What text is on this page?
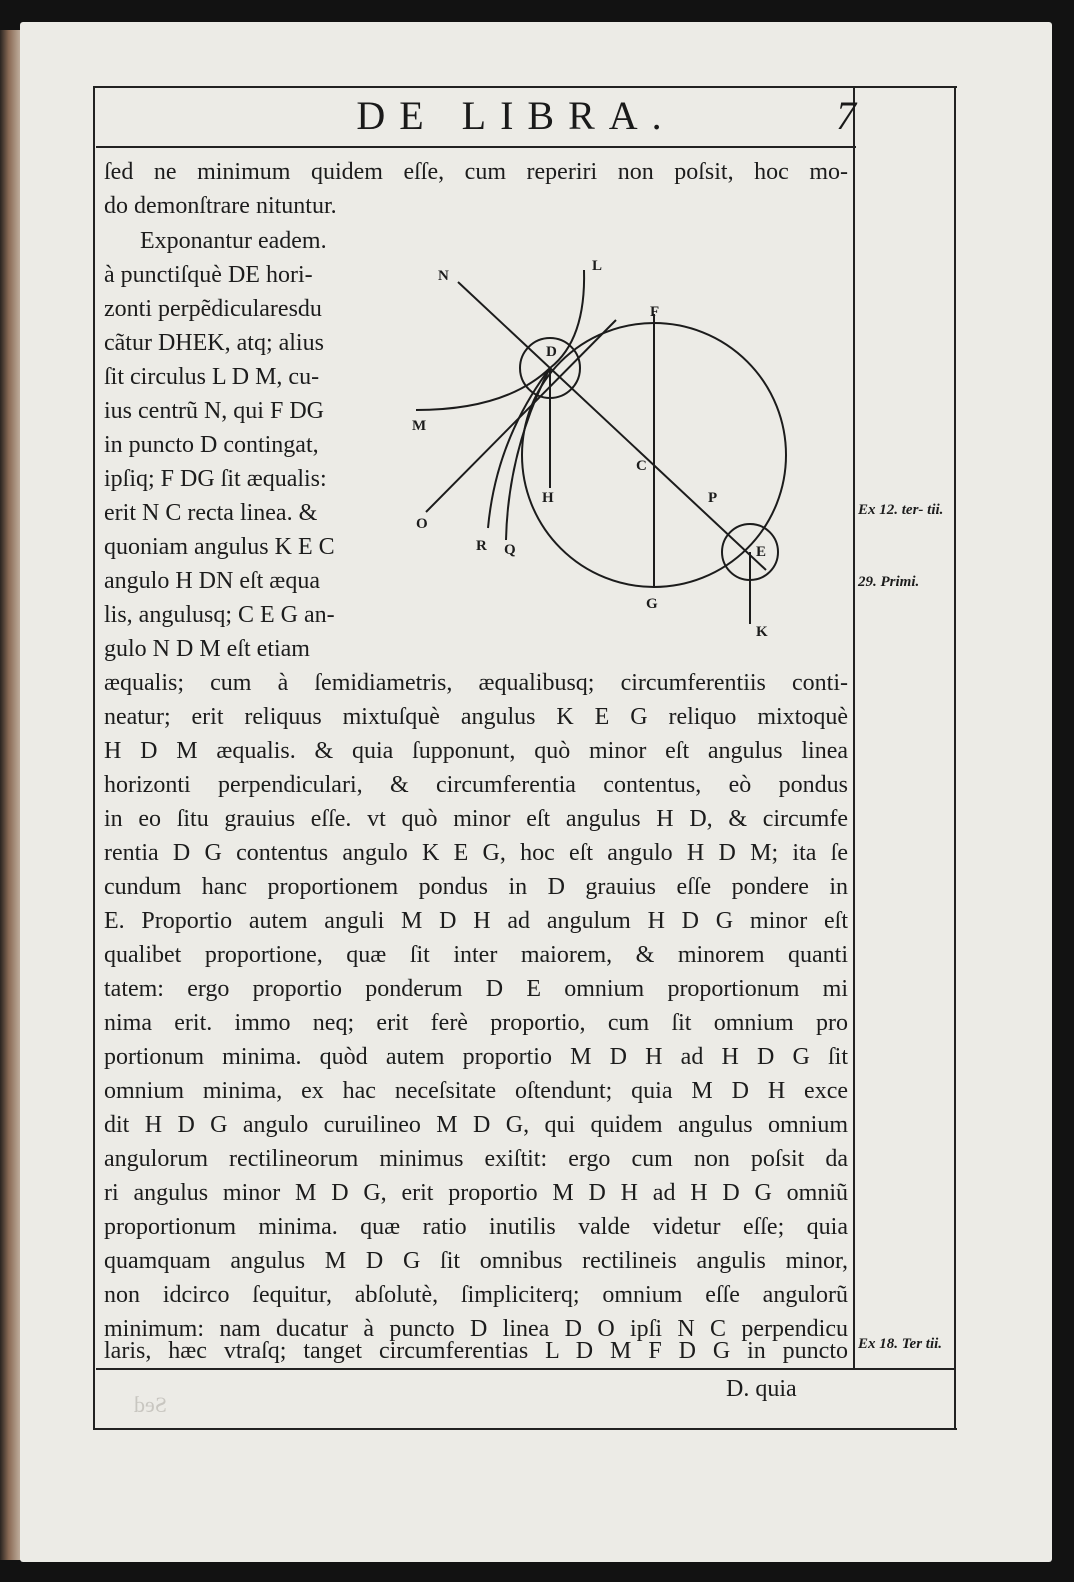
DE LIBRA.	7
ſed ne minimum quidem eſſe, cum reperiri non poſsit, hoc mo-
do demonſtrare nituntur.
Exponantur eadem.
à punctiſquè DE hori-
zonti perpẽdicularesdu
cãtur DHEK, atq; alius
ſit circulus L D M, cu-
ius centrũ N, qui F DG
in puncto D contingat,
ipſiq; F DG ſit æqualis:
erit N C recta linea. &
quoniam angulus K E C
angulo H DN eſt æqua
lis, angulusq; C E G an-
gulo N D M eſt etiam
æqualis; cum à ſemidiametris, æqualibusq; circumferentiis conti-
neatur; erit reliquus mixtuſquè angulus K E G reliquo mixtoquè
H D M æqualis. & quia ſupponunt, quò minor eſt angulus linea
horizonti perpendiculari, & circumferentia contentus, eò pondus
in eo ſitu grauius eſſe. vt quò minor eſt angulus H D, & circumfe
rentia D G contentus angulo K E G, hoc eſt angulo H D M; ita ſe
cundum hanc proportionem pondus in D grauius eſſe pondere in
E. Proportio autem anguli M D H ad angulum H D G minor eſt
qualibet proportione, quæ ſit inter maiorem, & minorem quanti
tatem: ergo proportio ponderum D E omnium proportionum mi
nima erit. immo neq; erit ferè proportio, cum ſit omnium pro
portionum minima. quòd autem proportio M D H ad H D G ſit
omnium minima, ex hac neceſsitate oſtendunt; quia M D H exce
dit H D G angulo curuilineo M D G, qui quidem angulus omnium
angulorum rectilineorum minimus exiſtit: ergo cum non poſsit da
ri angulus minor M D G, erit proportio M D H ad H D G omniũ
proportionum minima. quæ ratio inutilis valde videtur eſſe; quia
quamquam angulus M D G ſit omnibus rectilineis angulis minor,
non idcirco ſequitur, abſolutè, ſimpliciterq; omnium eſſe angulorũ
minimum: nam ducatur à puncto D linea D O ipſi N C perpendicu
laris, hæc vtraſq; tanget circumferentias L D M F D G in puncto
Ex 12. ter- tii.
29. Primi.
Ex 18. Ter tii.
D. quia
Sed
N
L
F
D
M
C
H	P
E
O
R Q
G
K
